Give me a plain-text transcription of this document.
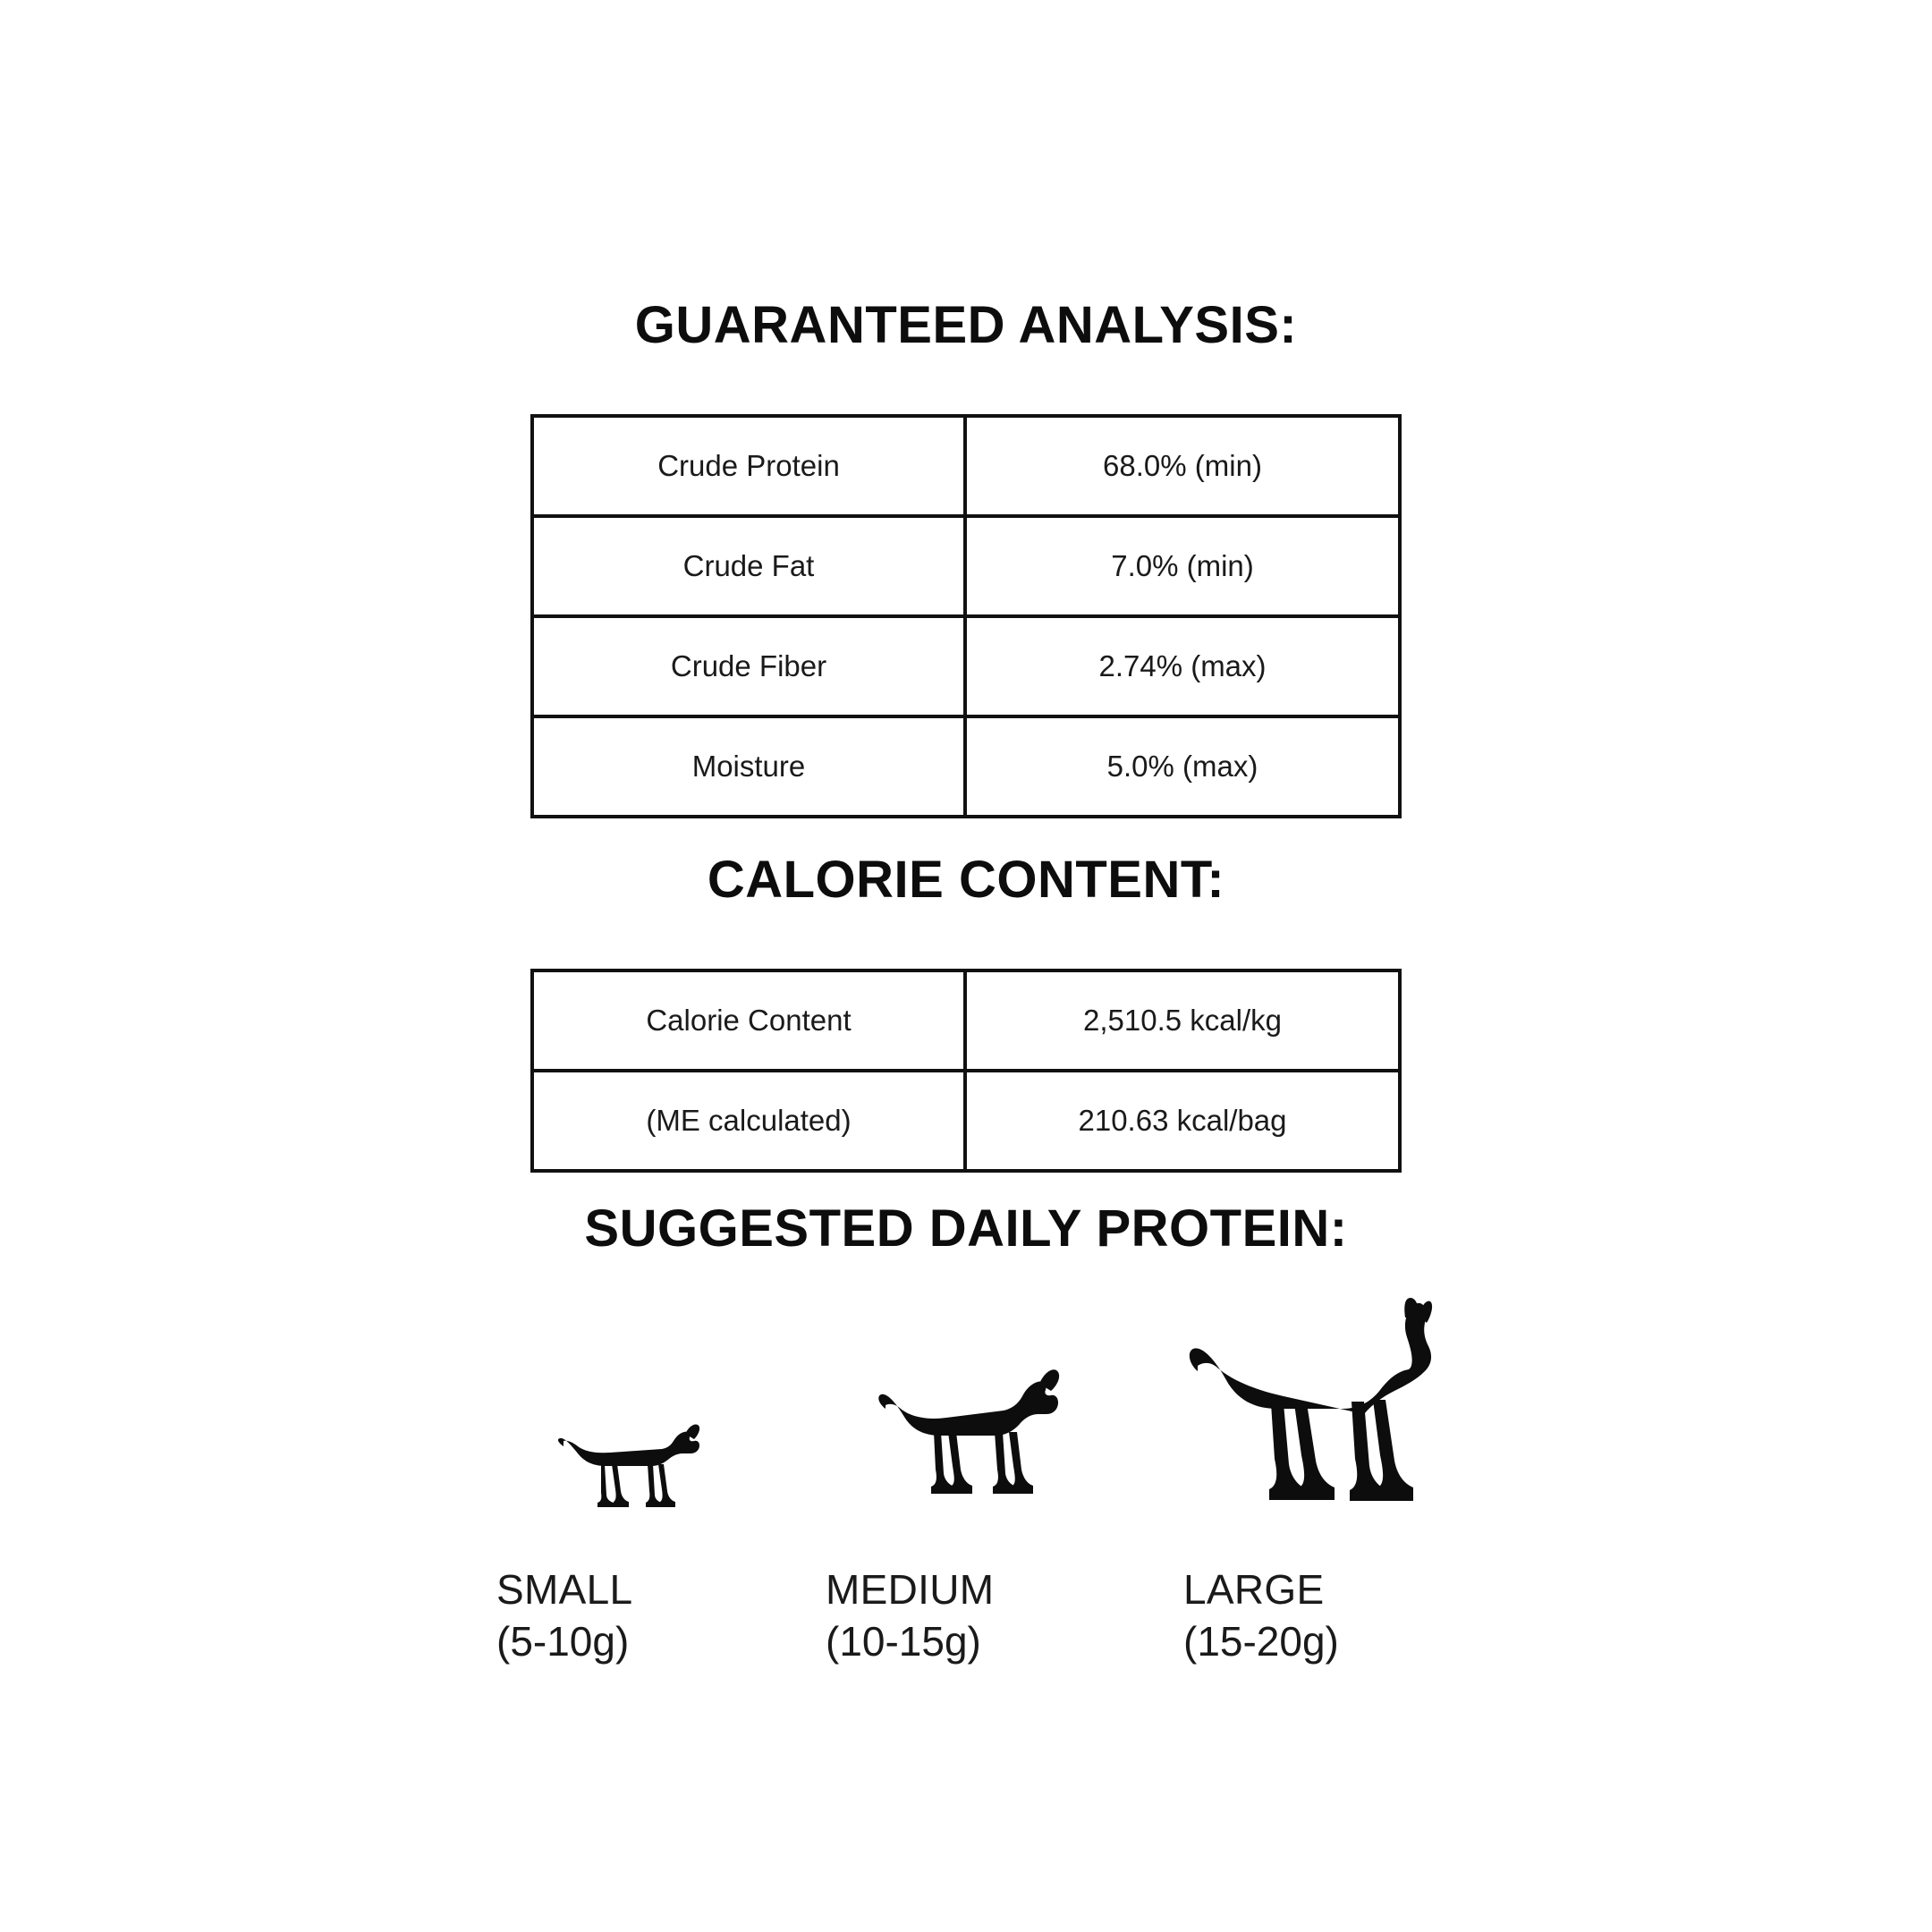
GUARANTEED ANALYSIS:
Crude Protein	68.0% (min)
Crude Fat	7.0% (min)
Crude Fiber	2.74% (max)
Moisture	5.0% (max)
CALORIE CONTENT:
Calorie Content	2,510.5 kcal/kg
(ME calculated)	210.63 kcal/bag
SUGGESTED DAILY PROTEIN:
SMALL
(5-10g)
MEDIUM
(10-15g)
LARGE
(15-20g)
